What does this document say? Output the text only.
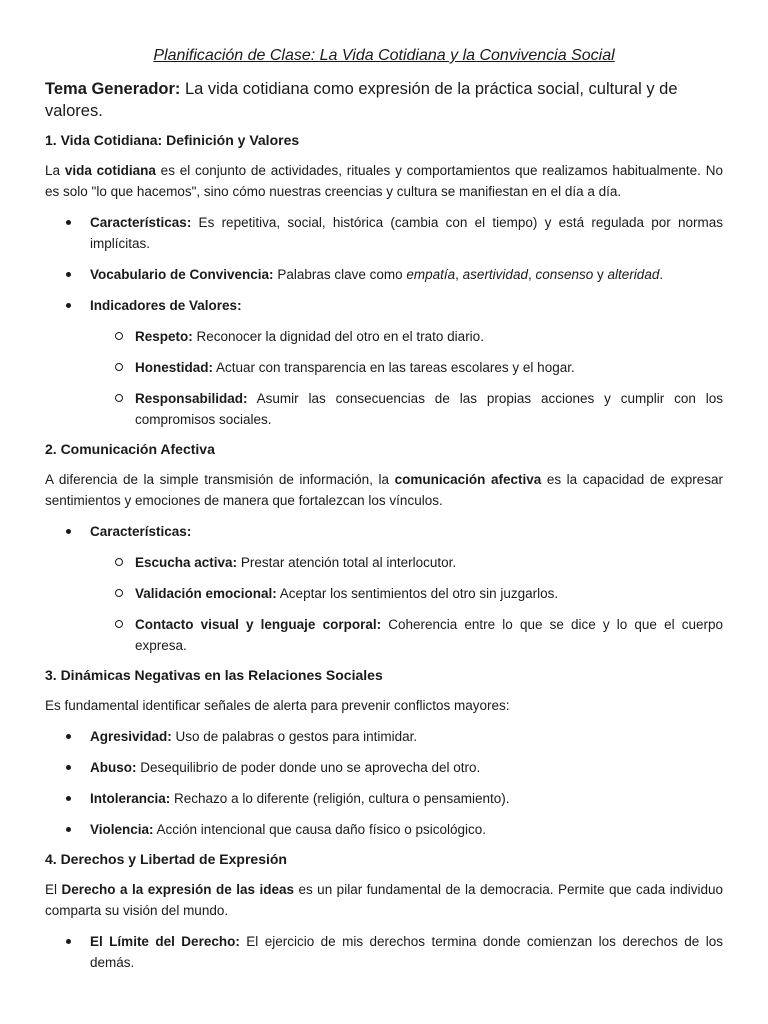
Planificación de Clase: La Vida Cotidiana y la Convivencia Social
Tema Generador: La vida cotidiana como expresión de la práctica social, cultural y de valores.
1. Vida Cotidiana: Definición y Valores

La vida cotidiana es el conjunto de actividades, rituales y comportamientos que realizamos habitualmente. No es solo "lo que hacemos", sino cómo nuestras creencias y cultura se manifiestan en el día a día.

Características: Es repetitiva, social, histórica (cambia con el tiempo) y está regulada por normas implícitas.
Vocabulario de Convivencia: Palabras clave como empatía, asertividad, consenso y alteridad.
Indicadores de Valores:
Respeto: Reconocer la dignidad del otro en el trato diario.
Honestidad: Actuar con transparencia en las tareas escolares y el hogar.
Responsabilidad: Asumir las consecuencias de las propias acciones y cumplir con los compromisos sociales.
2. Comunicación Afectiva

A diferencia de la simple transmisión de información, la comunicación afectiva es la capacidad de expresar sentimientos y emociones de manera que fortalezcan los vínculos.

Características:
Escucha activa: Prestar atención total al interlocutor.
Validación emocional: Aceptar los sentimientos del otro sin juzgarlos.
Contacto visual y lenguaje corporal: Coherencia entre lo que se dice y lo que el cuerpo expresa.
3. Dinámicas Negativas en las Relaciones Sociales

Es fundamental identificar señales de alerta para prevenir conflictos mayores:

Agresividad: Uso de palabras o gestos para intimidar.
Abuso: Desequilibrio de poder donde uno se aprovecha del otro.
Intolerancia: Rechazo a lo diferente (religión, cultura o pensamiento).
Violencia: Acción intencional que causa daño físico o psicológico.
4. Derechos y Libertad de Expresión

El Derecho a la expresión de las ideas es un pilar fundamental de la democracia. Permite que cada individuo comparta su visión del mundo.

El Límite del Derecho: El ejercicio de mis derechos termina donde comienzan los derechos de los demás.
